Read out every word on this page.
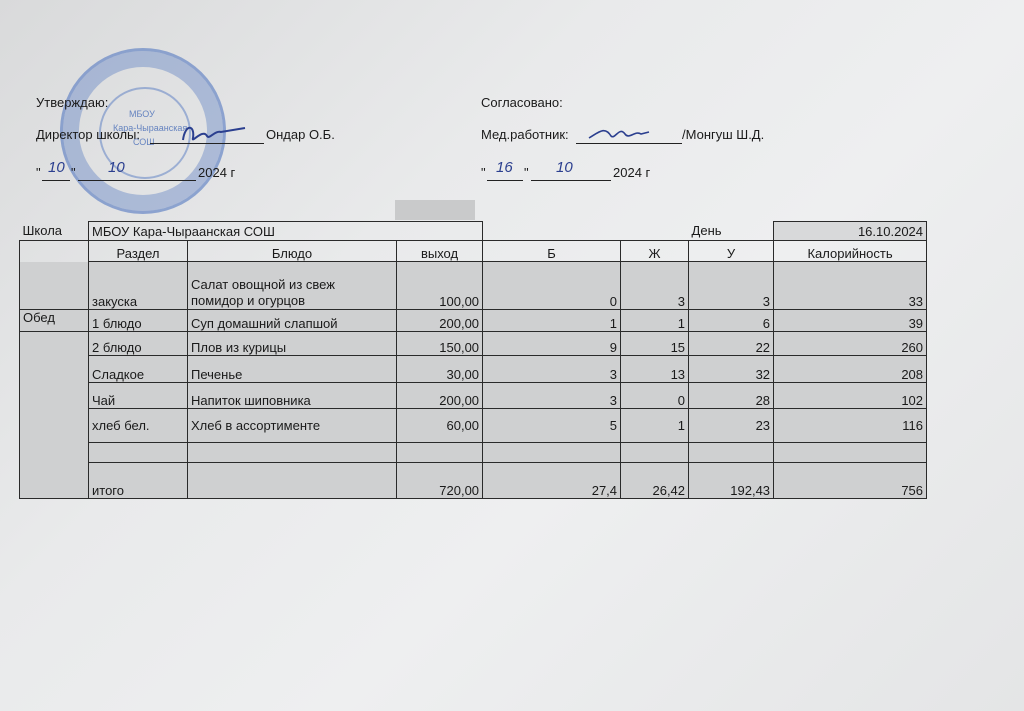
МБОУ
Кара-Чыраанская
СОШ
Утверждаю:
Директор школы:	Ондар О.Б.
" 10 " 10	2024 г
Согласовано:
Мед.работник:	/Монгуш Ш.Д.
" 16 " 10	2024 г
Школа	МБОУ Кара-Чыраанская СОШ					День	16.10.2024
	Раздел	Блюдо	выход	Б	Ж	У	Калорийность

	закуска	Салат овощной из свеж
помидор и огурцов	100,00	0	3	3	33
Обед	1 блюдо	Суп домашний слапшой	200,00	1	1	6	39
	2 блюдо	Плов из курицы	150,00	9	15	22	260
	Сладкое	Печенье	30,00	3	13	32	208
	Чай	Напиток шиповника	200,00	3	0	28	102
	хлеб бел.	Хлеб в ассортименте	60,00	5	1	23	116

	итого		720,00	27,4	26,42	192,43	756
